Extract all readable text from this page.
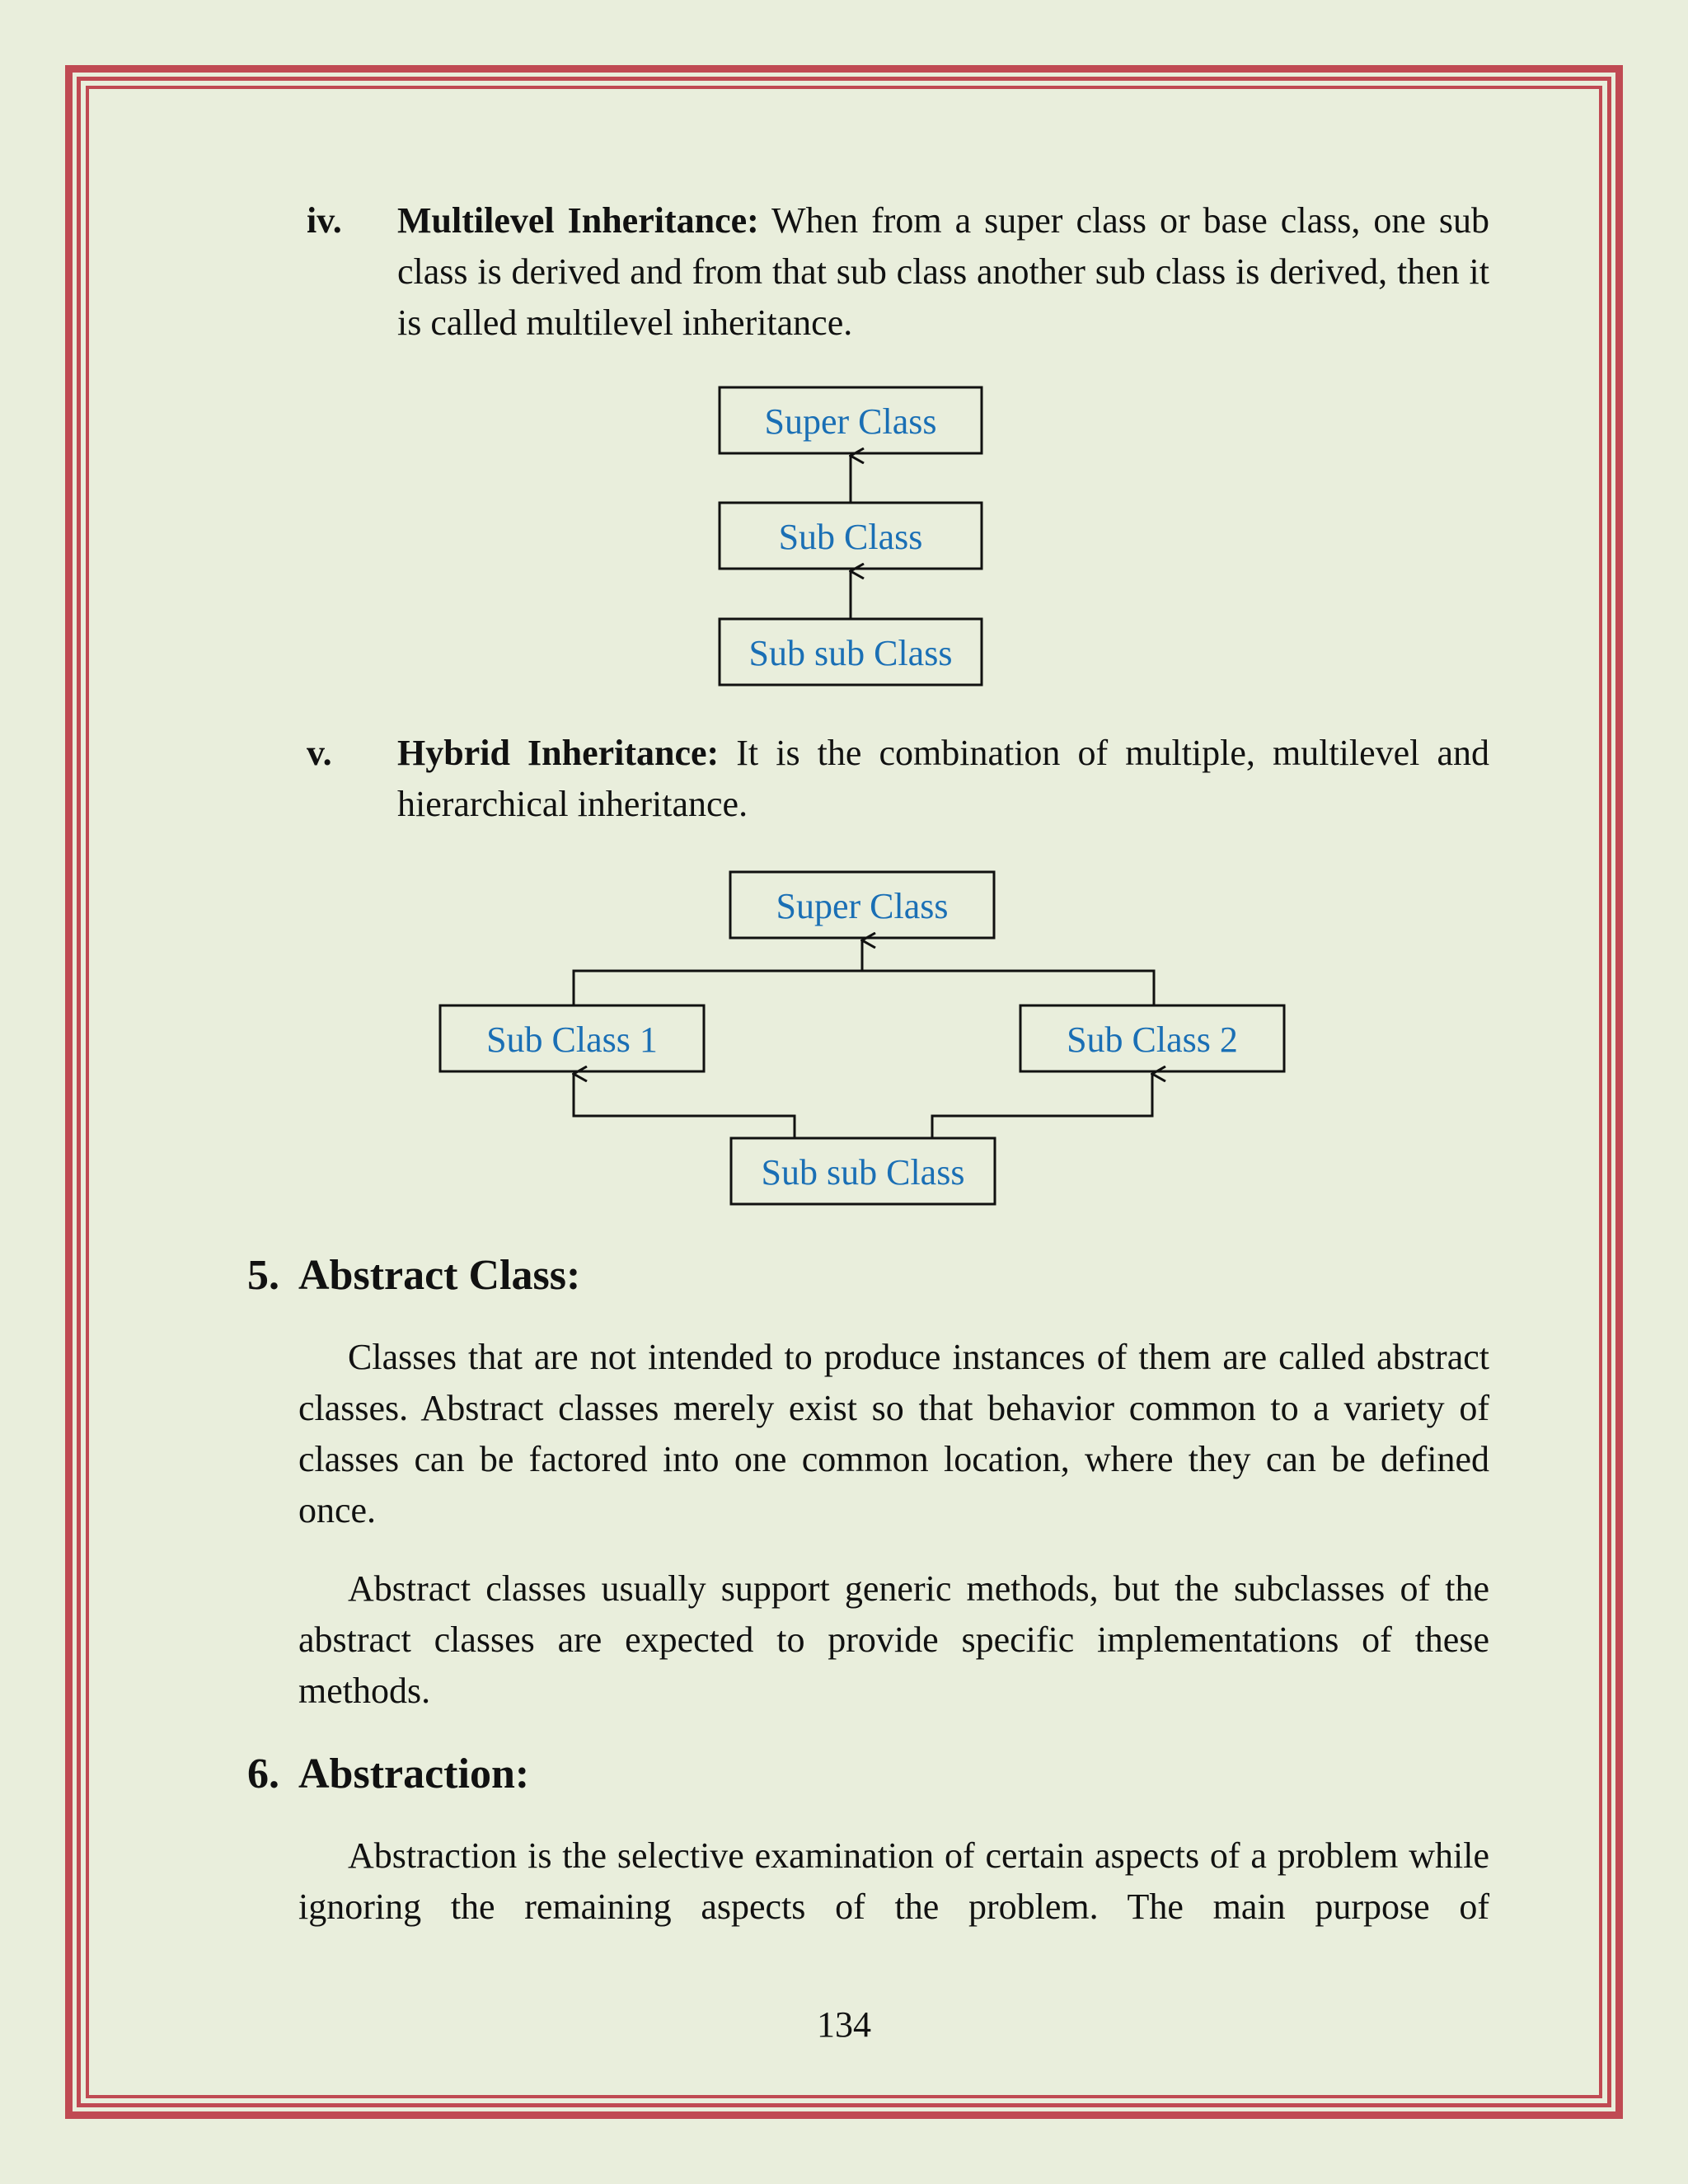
iv. Multilevel Inheritance: When from a super class or base class, one sub class is derived and from that sub class another sub class is derived, then it is called multilevel inheritance.
v. Hybrid Inheritance: It is the combination of multiple, multilevel and hierarchical inheritance.
Super Class
Sub Class
Sub sub Class
Super Class
Sub Class 1	Sub Class 2
Sub sub Class
5. Abstract Class:

Classes that are not intended to produce instances of them are called abstract classes. Abstract classes merely exist so that behavior common to a variety of classes can be factored into one common location, where they can be defined once.

Abstract classes usually support generic methods, but the subclasses of the abstract classes are expected to provide specific implementations of these methods.

6. Abstraction:

Abstraction is the selective examination of certain aspects of a problem while ignoring the remaining aspects of the problem. The main purpose of

134
